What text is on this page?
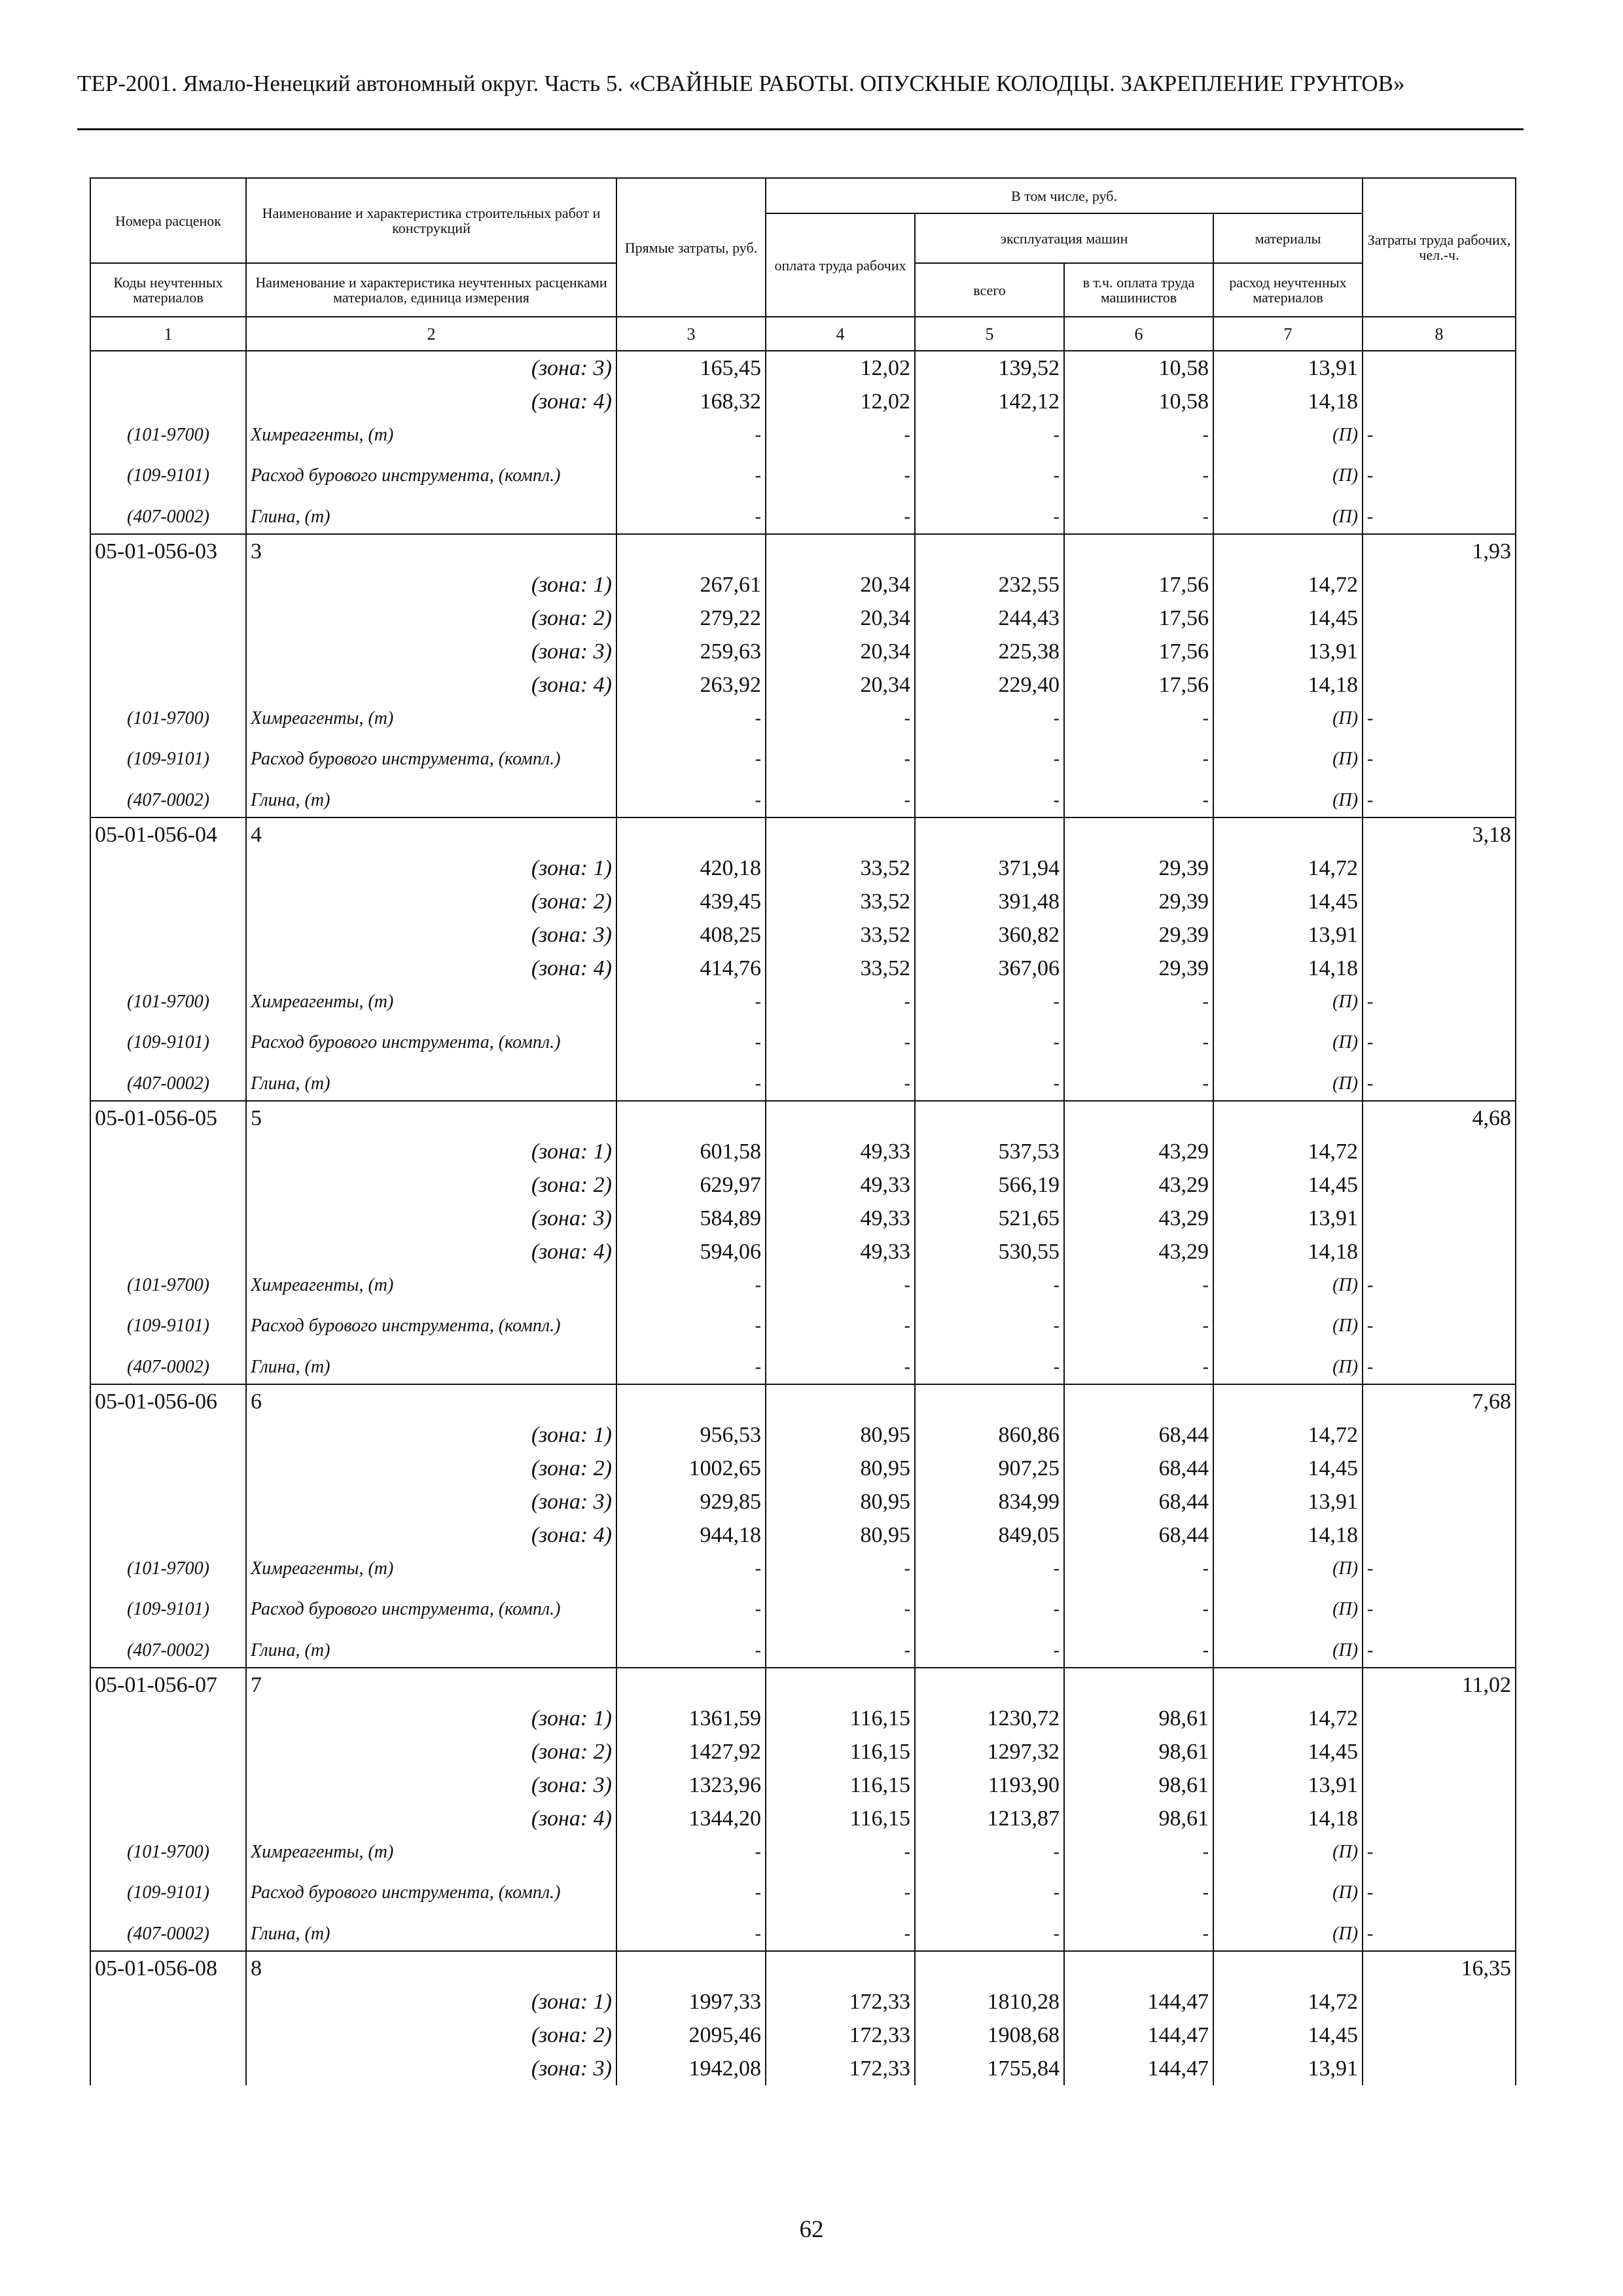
ТЕР-2001. Ямало-Ненецкий автономный округ. Часть 5. «СВАЙНЫЕ РАБОТЫ. ОПУСКНЫЕ КОЛОДЦЫ. ЗАКРЕПЛЕНИЕ ГРУНТОВ»
Номера расценок	Наименование и характеристика строительных работ и конструкций	Прямые затраты, руб.	В том числе, руб.				Затраты труда рабочих, чел.-ч.
			оплата труда рабочих	эксплуатация машин		материалы	
Коды неучтенных материалов	Наименование и характеристика неучтенных расценками материалов, единица измерения			всего	в т.ч. оплата труда машинистов	расход неучтенных материалов	
1	2	3	4	5	6	7	8
	(зона: 3)	165,45	12,02	139,52	10,58	13,91	
	(зона: 4)	168,32	12,02	142,12	10,58	14,18	
(101-9700)	Химреагенты, (т)	-	-	-	-	(П)	-
(109-9101)	Расход бурового инструмента, (компл.)	-	-	-	-	(П)	-
(407-0002)	Глина, (т)	-	-	-	-	(П)	-
05-01-056-03	3						1,93
	(зона: 1)	267,61	20,34	232,55	17,56	14,72	
	(зона: 2)	279,22	20,34	244,43	17,56	14,45	
	(зона: 3)	259,63	20,34	225,38	17,56	13,91	
	(зона: 4)	263,92	20,34	229,40	17,56	14,18	
(101-9700)	Химреагенты, (т)	-	-	-	-	(П)	-
(109-9101)	Расход бурового инструмента, (компл.)	-	-	-	-	(П)	-
(407-0002)	Глина, (т)	-	-	-	-	(П)	-
05-01-056-04	4						3,18
	(зона: 1)	420,18	33,52	371,94	29,39	14,72	
	(зона: 2)	439,45	33,52	391,48	29,39	14,45	
	(зона: 3)	408,25	33,52	360,82	29,39	13,91	
	(зона: 4)	414,76	33,52	367,06	29,39	14,18	
(101-9700)	Химреагенты, (т)	-	-	-	-	(П)	-
(109-9101)	Расход бурового инструмента, (компл.)	-	-	-	-	(П)	-
(407-0002)	Глина, (т)	-	-	-	-	(П)	-
05-01-056-05	5						4,68
	(зона: 1)	601,58	49,33	537,53	43,29	14,72	
	(зона: 2)	629,97	49,33	566,19	43,29	14,45	
	(зона: 3)	584,89	49,33	521,65	43,29	13,91	
	(зона: 4)	594,06	49,33	530,55	43,29	14,18	
(101-9700)	Химреагенты, (т)	-	-	-	-	(П)	-
(109-9101)	Расход бурового инструмента, (компл.)	-	-	-	-	(П)	-
(407-0002)	Глина, (т)	-	-	-	-	(П)	-
05-01-056-06	6						7,68
	(зона: 1)	956,53	80,95	860,86	68,44	14,72	
	(зона: 2)	1002,65	80,95	907,25	68,44	14,45	
	(зона: 3)	929,85	80,95	834,99	68,44	13,91	
	(зона: 4)	944,18	80,95	849,05	68,44	14,18	
(101-9700)	Химреагенты, (т)	-	-	-	-	(П)	-
(109-9101)	Расход бурового инструмента, (компл.)	-	-	-	-	(П)	-
(407-0002)	Глина, (т)	-	-	-	-	(П)	-
05-01-056-07	7						11,02
	(зона: 1)	1361,59	116,15	1230,72	98,61	14,72	
	(зона: 2)	1427,92	116,15	1297,32	98,61	14,45	
	(зона: 3)	1323,96	116,15	1193,90	98,61	13,91	
	(зона: 4)	1344,20	116,15	1213,87	98,61	14,18	
(101-9700)	Химреагенты, (т)	-	-	-	-	(П)	-
(109-9101)	Расход бурового инструмента, (компл.)	-	-	-	-	(П)	-
(407-0002)	Глина, (т)	-	-	-	-	(П)	-
05-01-056-08	8						16,35
	(зона: 1)	1997,33	172,33	1810,28	144,47	14,72	
	(зона: 2)	2095,46	172,33	1908,68	144,47	14,45	
	(зона: 3)	1942,08	172,33	1755,84	144,47	13,91	
62
